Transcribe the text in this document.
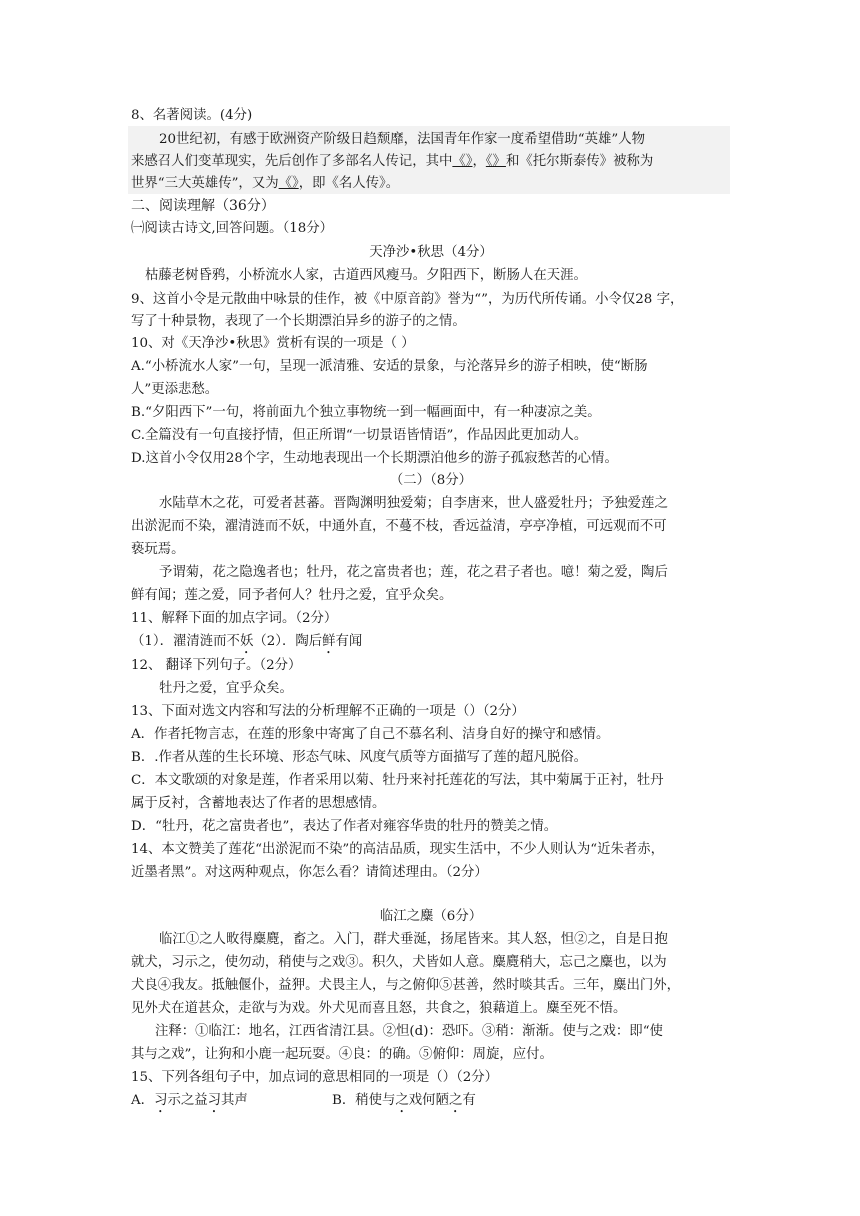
8、名著阅读。(4分)
20世纪初，有感于欧洲资产阶级日趋颓靡，法国青年作家一度希望借助“英雄”人物
来感召人们变革现实，先后创作了多部名人传记，其中《》，《》和《托尔斯泰传》被称为
世界“三大英雄传”，又为《》，即《名人传》。
二、阅读理解（36分）
㈠阅读古诗文,回答问题。（18分）
天净沙•秋思（4分）
枯藤老树昏鸦，小桥流水人家，古道西风瘦马。夕阳西下，断肠人在天涯。
9、这首小令是元散曲中咏景的佳作，被《中原音韵》誉为“”，为历代所传诵。小令仅28 字，
写了十种景物，表现了一个长期漂泊异乡的游子的之情。
10、对《天净沙•秋思》赏析有误的一项是（ ）
A.“小桥流水人家”一句，呈现一派清雅、安适的景象，与沦落异乡的游子相映，使“断肠
人”更添悲愁。
B.“夕阳西下”一句，将前面九个独立事物统一到一幅画面中，有一种凄凉之美。
C.全篇没有一句直接抒情，但正所谓“一切景语皆情语”，作品因此更加动人。
D.这首小令仅用28个字，生动地表现出一个长期漂泊他乡的游子孤寂愁苦的心情。
（二）（8分）
水陆草木之花，可爱者甚蕃。晋陶渊明独爱菊；自李唐来，世人盛爱牡丹；予独爱莲之
出淤泥而不染，濯清涟而不妖，中通外直，不蔓不枝，香远益清，亭亭净植，可远观而不可
亵玩焉。
予谓菊，花之隐逸者也；牡丹，花之富贵者也；莲，花之君子者也。噫！菊之爱，陶后
鲜有闻；莲之爱，同予者何人？牡丹之爱，宜乎众矣。
11、解释下面的加点字词。（2分）
（1）．濯清涟而不妖（2）．陶后鲜有闻
12、 翻译下列句子。（2分）
牡丹之爱，宜乎众矣。
13、下面对选文内容和写法的分析理解不正确的一项是（）（2分）
A．作者托物言志，在莲的形象中寄寓了自己不慕名利、洁身自好的操守和感情。
B．.作者从莲的生长环境、形态气味、风度气质等方面描写了莲的超凡脱俗。
C．本文歌颂的对象是莲，作者采用以菊、牡丹来衬托莲花的写法，其中菊属于正衬，牡丹
属于反衬，含蓄地表达了作者的思想感情。
D．“牡丹，花之富贵者也”，表达了作者对雍容华贵的牡丹的赞美之情。
14、本文赞美了莲花“出淤泥而不染”的高洁品质，现实生活中，不少人则认为“近朱者赤，
近墨者黑”。对这两种观点，你怎么看？请简述理由。（2分）
临江之麋（6分）
临江①之人畋得麋麑，畜之。入门，群犬垂涎，扬尾皆来。其人怒，怛②之，自是日抱
就犬，习示之，使勿动，稍使与之戏③。积久，犬皆如人意。麋麑稍大，忘己之麋也，以为
犬良④我友。抵触偃仆，益狎。犬畏主人，与之俯仰⑤甚善，然时啖其舌。三年，麋出门外，
见外犬在道甚众，走欲与为戏。外犬见而喜且怒，共食之，狼藉道上。麋至死不悟。
注释：①临江：地名，江西省清江县。②怛(d)：恐吓。③稍：渐渐。使与之戏：即“使
其与之戏”，让狗和小鹿一起玩耍。④良：的确。⑤俯仰：周旋，应付。
15、下列各组句子中，加点词的意思相同的一项是（）（2分）
A．习示之益习其声	B．稍使与之戏何陋之有
